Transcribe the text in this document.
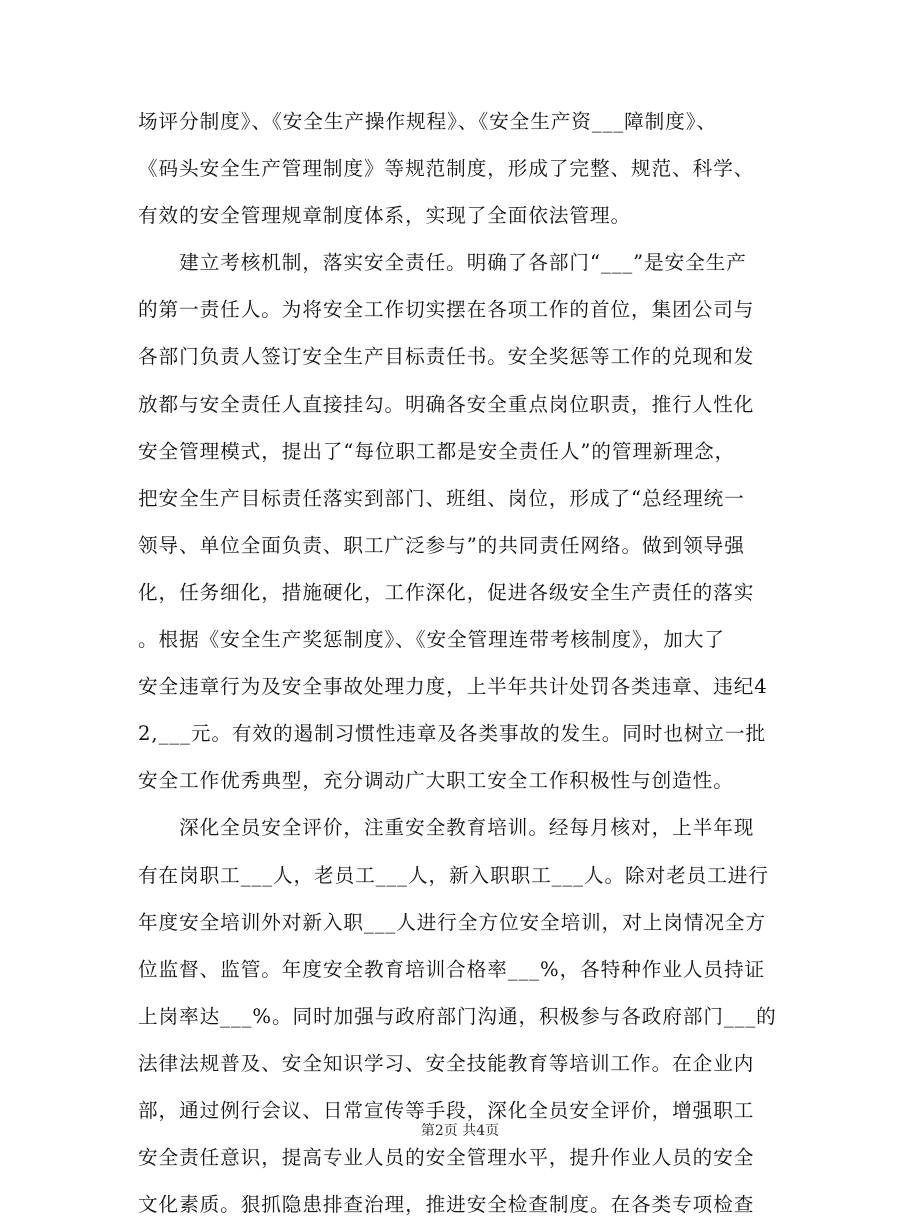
场评分制度》、《安全生产操作规程》、《安全生产资___障制度》、
《码头安全生产管理制度》等规范制度，形成了完整、规范、科学、
有效的安全管理规章制度体系，实现了全面依法管理。
　　建立考核机制，落实安全责任。明确了各部门“___”是安全生产
的第一责任人。为将安全工作切实摆在各项工作的首位，集团公司与
各部门负责人签订安全生产目标责任书。安全奖惩等工作的兑现和发
放都与安全责任人直接挂勾。明确各安全重点岗位职责，推行人性化
安全管理模式，提出了“每位职工都是安全责任人”的管理新理念，
把安全生产目标责任落实到部门、班组、岗位，形成了“总经理统一
领导、单位全面负责、职工广泛参与”的共同责任网络。做到领导强
化，任务细化，措施硬化，工作深化，促进各级安全生产责任的落实
。根据《安全生产奖惩制度》、《安全管理连带考核制度》，加大了
安全违章行为及安全事故处理力度，上半年共计处罚各类违章、违纪42,___元。有效的遏制习惯性违章及各类事故的发生。同时也树立一批
安全工作优秀典型，充分调动广大职工安全工作积极性与创造性。
　　深化全员安全评价，注重安全教育培训。经每月核对，上半年现
有在岗职工___人，老员工___人，新入职职工___人。除对老员工进行
年度安全培训外对新入职___人进行全方位安全培训，对上岗情况全方
位监督、监管。年度安全教育培训合格率___%，各特种作业人员持证
上岗率达___%。同时加强与政府部门沟通，积极参与各政府部门___的
法律法规普及、安全知识学习、安全技能教育等培训工作。在企业内
部，通过例行会议、日常宣传等手段，深化全员安全评价，增强职工
安全责任意识，提高专业人员的安全管理水平，提升作业人员的安全
文化素质。狠抓隐患排查治理，推进安全检查制度。在各类专项检查
第2页 共4页
